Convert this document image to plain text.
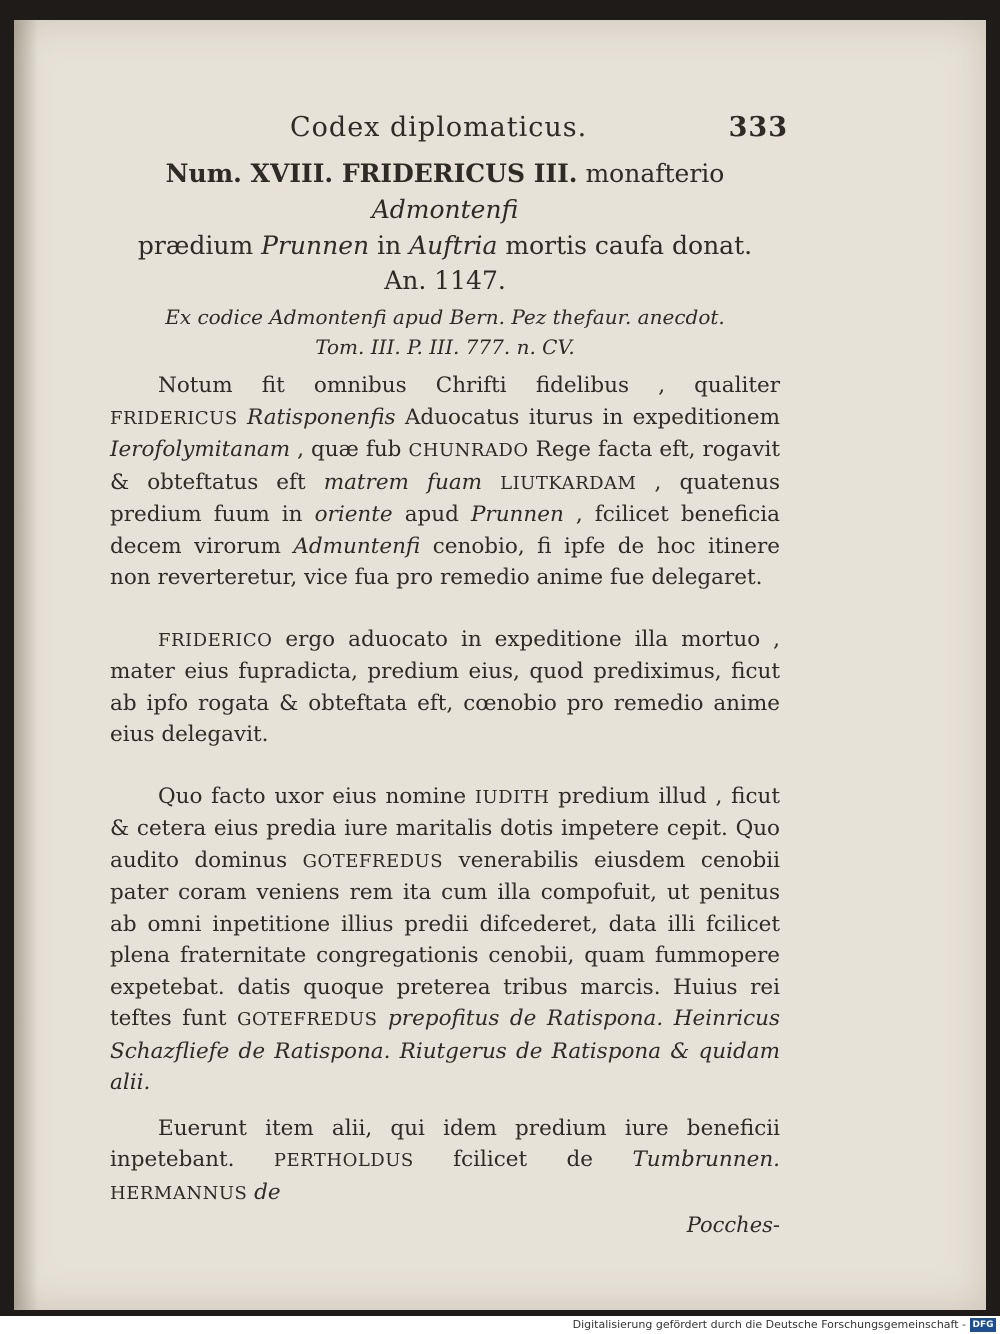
Codex diplomaticus.	333
Num. XVIII. FRIDERICUS III. monafterio Admontenfi
prædium Prunnen in Auftria mortis caufa donat.
An. 1147.
Ex codice Admontenfi apud Bern. Pez thefaur. anecdot.
Tom. III. P. III. 777. n. CV.

Notum fit omnibus Chrifti fidelibus , qualiter FRIDERICUS Ratisponenfis Aduocatus iturus in expeditionem Ierofolymitanam , quæ fub CHUNRADO Rege facta eft, rogavit & obteftatus eft matrem fuam LIUTKARDAM , quatenus predium fuum in oriente apud Prunnen , fcilicet beneficia decem virorum Admuntenfi cenobio, fi ipfe de hoc itinere non reverteretur, vice fua pro remedio anime fue delegaret.

FRIDERICO ergo aduocato in expeditione illa mortuo , mater eius fupradicta, predium eius, quod prediximus, ficut ab ipfo rogata & obteftata eft, cœnobio pro remedio anime eius delegavit.

Quo facto uxor eius nomine IUDITH predium illud , ficut & cetera eius predia iure maritalis dotis impetere cepit. Quo audito dominus GOTEFREDUS venerabilis eiusdem cenobii pater coram veniens rem ita cum illa compofuit, ut penitus ab omni inpetitione illius predii difcederet, data illi fcilicet plena fraternitate congregationis cenobii, quam fummopere expetebat. datis quoque preterea tribus marcis. Huius rei teftes funt GOTEFREDUS prepofitus de Ratispona. Heinricus Schazfliefe de Ratispona. Riutgerus de Ratispona & quidam alii.

Euerunt item alii, qui idem predium iure beneficii inpetebant. PERTHOLDUS fcilicet de Tumbrunnen. HERMANNUS de

Pocches-
Digitalisierung gefördert durch die Deutsche Forschungsgemeinschaft - DFG
